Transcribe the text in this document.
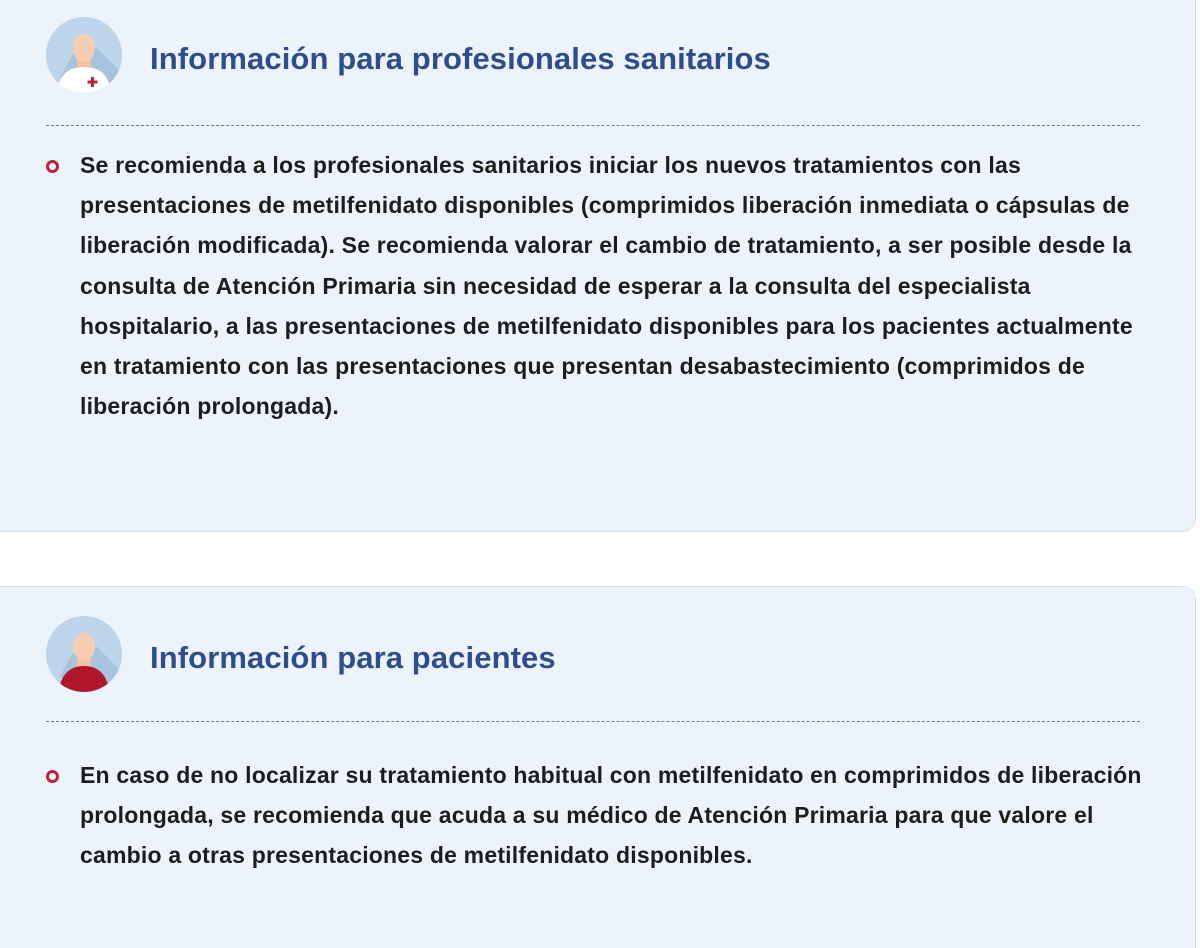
Información para profesionales sanitarios

Se recomienda a los profesionales sanitarios iniciar los nuevos tratamientos con las presentaciones de metilfenidato disponibles (comprimidos liberación inmediata o cápsulas de liberación modificada). Se recomienda valorar el cambio de tratamiento, a ser posible desde la consulta de Atención Primaria sin necesidad de esperar a la consulta del especialista hospitalario, a las presentaciones de metilfenidato disponibles para los pacientes actualmente en tratamiento con las presentaciones que presentan desabastecimiento (comprimidos de liberación prolongada).

Información para pacientes

En caso de no localizar su tratamiento habitual con metilfenidato en comprimidos de liberación prolongada, se recomienda que acuda a su médico de Atención Primaria para que valore el cambio a otras presentaciones de metilfenidato disponibles.
